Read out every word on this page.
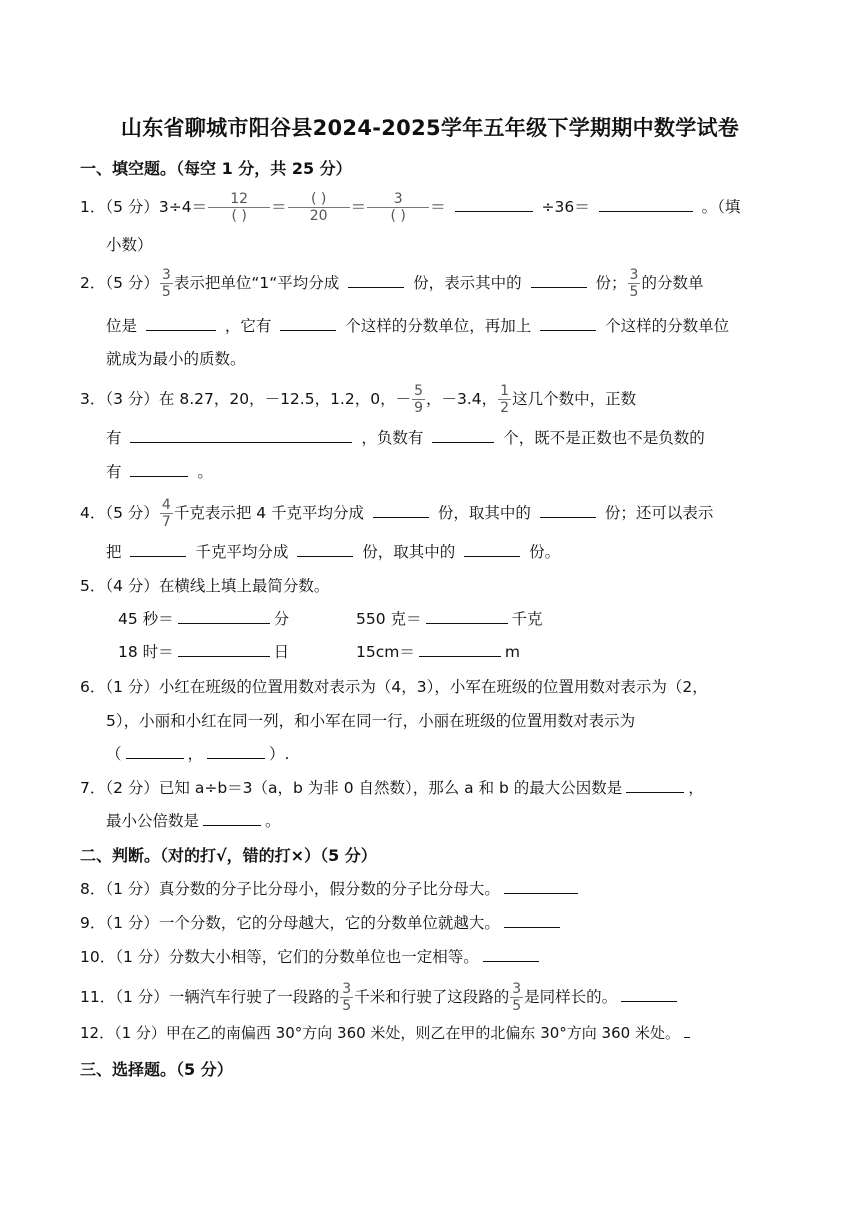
山东省聊城市阳谷县2024-2025学年五年级下学期期中数学试卷
一、填空题。（每空 1 分，共 25 分）
1．（5 分）$3\div 4= \frac{12}{( )} = \frac{( )}{20} = \frac{3}{( )}$ ＝	÷36＝	。（填
小数）
2．（5 分） $\frac{3}{5}$ 表示把单位“1“平均分成	份，表示其中的	份； $\frac{3}{5}$ 的分数单
位是	，它有	个这样的分数单位，再加上	个这样的分数单位
就成为最小的质数。
3．（3 分）在 8.27，20，－12.5，1.2，0，－ $\frac{5}{9}$ ，－3.4， $\frac{1}{2}$ 这几个数中，正数
有	，负数有	个，既不是正数也不是负数的
有	。
4．（5 分） $\frac{4}{7}$ 千克表示把 4 千克平均分成	份，取其中的	份；还可以表示
把	千克平均分成	份，取其中的	份。
5．（4 分）在横线上填上最简分数。
45 秒＝	分	550 克＝	千克
18 时＝	日	15cm＝	m
6．（1 分）小红在班级的位置用数对表示为（4，3），小军在班级的位置用数对表示为（2，
5），小丽和小红在同一列，和小军在同一行，小丽在班级的位置用数对表示为
（	，	）.
7．（2 分）已知 a÷b＝3（a，b 为非 0 自然数），那么 a 和 b 的最大公因数是	，
最小公倍数是	。
二、判断。（对的打√，错的打×）（5 分）
8．（1 分）真分数的分子比分母小，假分数的分子比分母大。
9．（1 分）一个分数，它的分母越大，它的分数单位就越大。
10．（1 分）分数大小相等，它们的分数单位也一定相等。
11．（1 分）一辆汽车行驶了一段路的 $\frac{3}{5}$ 千米和行驶了这段路的 $\frac{3}{5}$ 是同样长的。
12．（1 分）甲在乙的南偏西 30°方向 360 米处，则乙在甲的北偏东 30°方向 360 米处。
三、选择题。（5 分）
